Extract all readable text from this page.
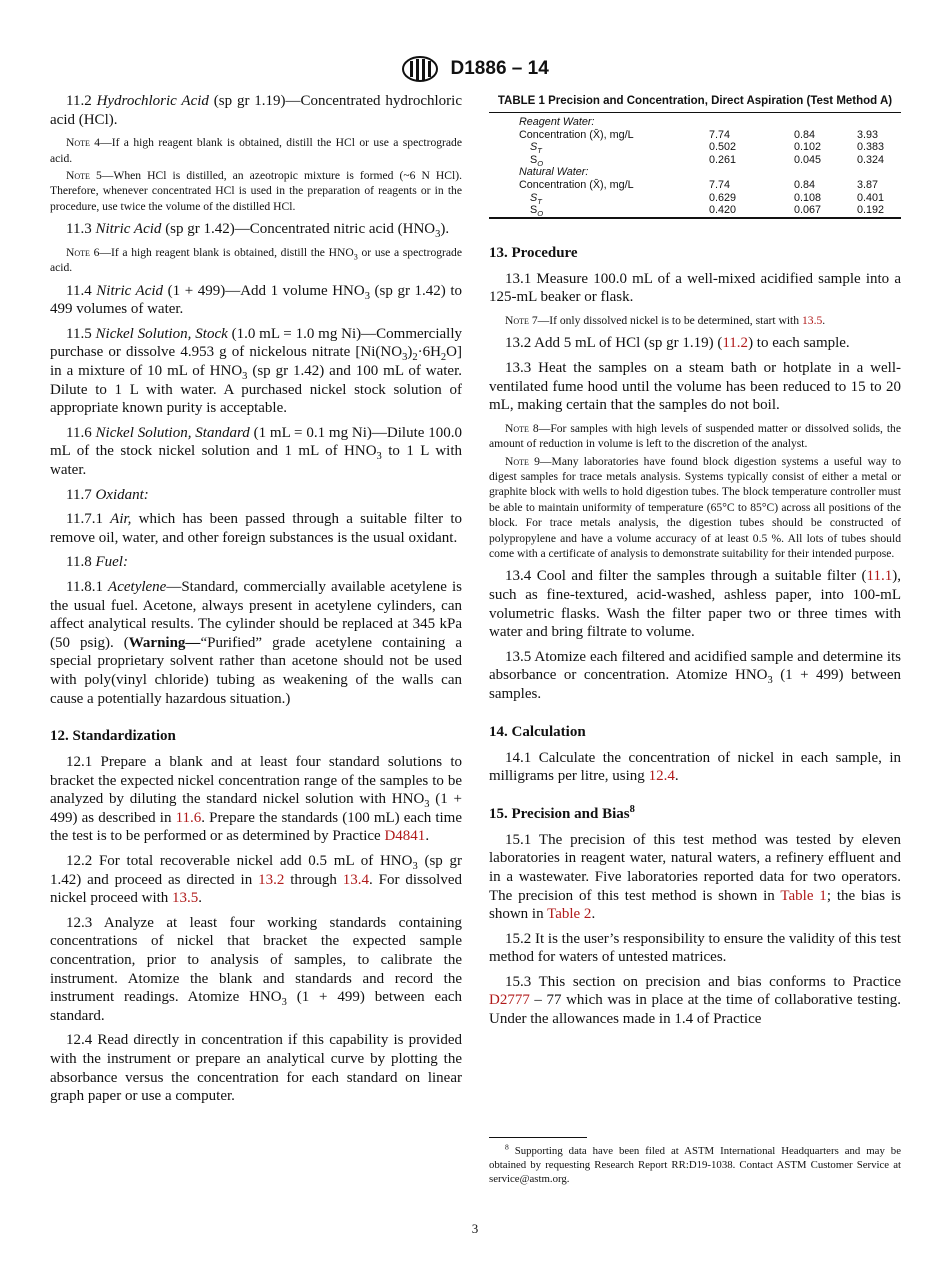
D1886 – 14

11.2 Hydrochloric Acid (sp gr 1.19)—Concentrated hydrochloric acid (HCl).

Note 4—If a high reagent blank is obtained, distill the HCl or use a spectrograde acid.

Note 5—When HCl is distilled, an azeotropic mixture is formed (~6 N HCl). Therefore, whenever concentrated HCl is used in the preparation of reagents or in the procedure, use twice the volume of the distilled HCl.

11.3 Nitric Acid (sp gr 1.42)—Concentrated nitric acid $(HNO_3)$.

Note 6—If a high reagent blank is obtained, distill the $HNO_3$ or use a spectrograde acid.

11.4 Nitric Acid (1 + 499)—Add 1 volume $HNO_3$ (sp gr 1.42) to 499 volumes of water.

11.5 Nickel Solution, Stock (1.0 mL = 1.0 mg Ni)—Commercially purchase or dissolve 4.953 g of nickelous nitrate $[Ni(NO_3)_2\cdot 6H_2O]$ in a mixture of 10 mL of $HNO_3$ (sp gr 1.42) and 100 mL of water. Dilute to 1 L with water. A purchased nickel stock solution of appropriate known purity is acceptable.

11.6 Nickel Solution, Standard (1 mL = 0.1 mg Ni)—Dilute 100.0 mL of the stock nickel solution and 1 mL of $HNO_3$ to 1 L with water.

11.7 Oxidant:

11.7.1 Air, which has been passed through a suitable filter to remove oil, water, and other foreign substances is the usual oxidant.

11.8 Fuel:

11.8.1 Acetylene—Standard, commercially available acetylene is the usual fuel. Acetone, always present in acetylene cylinders, can affect analytical results. The cylinder should be replaced at 345 kPa (50 psig). (Warning—“Purified” grade acetylene containing a special proprietary solvent rather than acetone should not be used with poly(vinyl chloride) tubing as weakening of the walls can cause a potentially hazardous situation.)

12. Standardization

12.1 Prepare a blank and at least four standard solutions to bracket the expected nickel concentration range of the samples to be analyzed by diluting the standard nickel solution with $HNO_3$ (1 + 499) as described in 11.6. Prepare the standards (100 mL) each time the test is to be performed or as determined by Practice D4841.

12.2 For total recoverable nickel add 0.5 mL of $HNO_3$ (sp gr 1.42) and proceed as directed in 13.2 through 13.4. For dissolved nickel proceed with 13.5.

12.3 Analyze at least four working standards containing concentrations of nickel that bracket the expected sample concentration, prior to analysis of samples, to calibrate the instrument. Atomize the blank and standards and record the instrument readings. Atomize $HNO_3$ (1 + 499) between each standard.

12.4 Read directly in concentration if this capability is provided with the instrument or prepare an analytical curve by plotting the absorbance versus the concentration for each standard on linear graph paper or use a computer.

TABLE 1 Precision and Concentration, Direct Aspiration (Test Method A)
Reagent Water:			
Concentration (X̄), mg/L	7.74	0.84	3.93
$S_T$	0.502	0.102	0.383
$S_O$	0.261	0.045	0.324
Natural Water:			
Concentration (X̄), mg/L	7.74	0.84	3.87
$S_T$	0.629	0.108	0.401
$S_O$	0.420	0.067	0.192
13. Procedure

13.1 Measure 100.0 mL of a well-mixed acidified sample into a 125-mL beaker or flask.

Note 7—If only dissolved nickel is to be determined, start with 13.5.

13.2 Add 5 mL of HCl (sp gr 1.19) (11.2) to each sample.

13.3 Heat the samples on a steam bath or hotplate in a well-ventilated fume hood until the volume has been reduced to 15 to 20 mL, making certain that the samples do not boil.

Note 8—For samples with high levels of suspended matter or dissolved solids, the amount of reduction in volume is left to the discretion of the analyst.

Note 9—Many laboratories have found block digestion systems a useful way to digest samples for trace metals analysis. Systems typically consist of either a metal or graphite block with wells to hold digestion tubes. The block temperature controller must be able to maintain uniformity of temperature (65°C to 85°C) across all positions of the block. For trace metals analysis, the digestion tubes should be constructed of polypropylene and have a volume accuracy of at least 0.5 %. All lots of tubes should come with a certificate of analysis to demonstrate suitability for their intended purpose.

13.4 Cool and filter the samples through a suitable filter (11.1), such as fine-textured, acid-washed, ashless paper, into 100-mL volumetric flasks. Wash the filter paper two or three times with water and bring filtrate to volume.

13.5 Atomize each filtered and acidified sample and determine its absorbance or concentration. Atomize $HNO_3$ (1 + 499) between samples.

14. Calculation

14.1 Calculate the concentration of nickel in each sample, in milligrams per litre, using 12.4.

15. Precision and Bias$^8$

15.1 The precision of this test method was tested by eleven laboratories in reagent water, natural waters, a refinery effluent and in a wastewater. Five laboratories reported data for two operators. The precision of this test method is shown in Table 1; the bias is shown in Table 2.

15.2 It is the user’s responsibility to ensure the validity of this test method for waters of untested matrices.

15.3 This section on precision and bias conforms to Practice D2777 – 77 which was in place at the time of collaborative testing. Under the allowances made in 1.4 of Practice

$^8$ Supporting data have been filed at ASTM International Headquarters and may be obtained by requesting Research Report RR:D19-1038. Contact ASTM Customer Service at service@astm.org.
3
